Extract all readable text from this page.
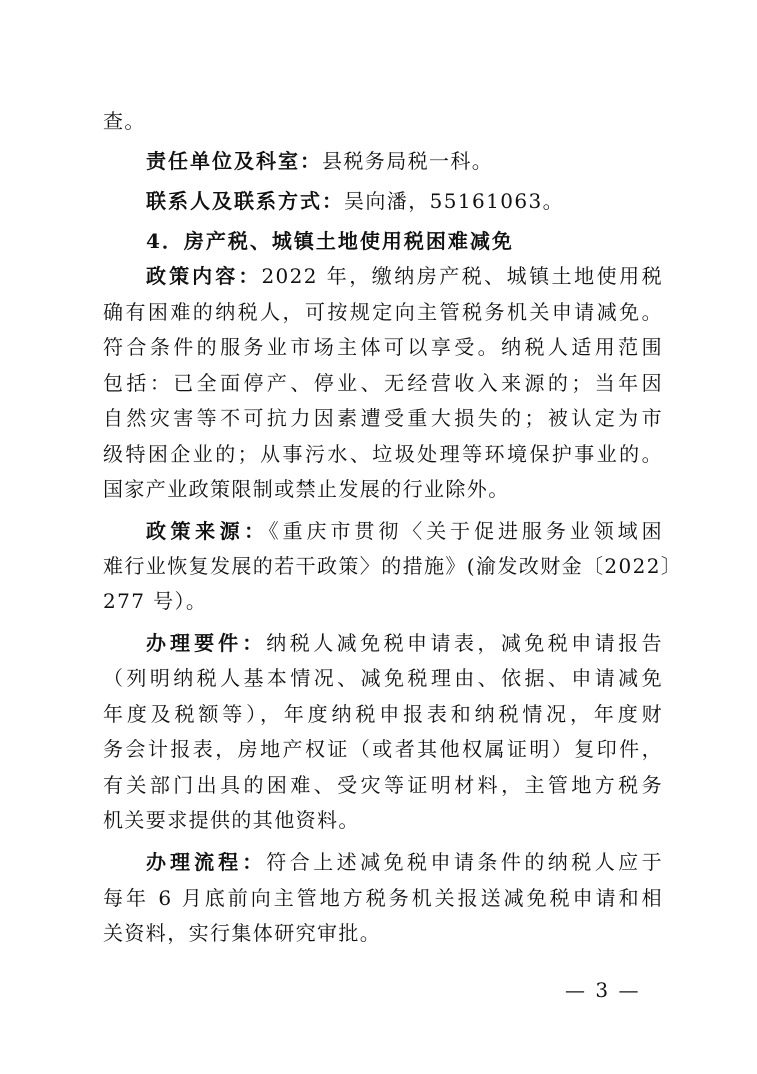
查。
责任单位及科室：县税务局税一科。
联系人及联系方式：吴向潘，55161063。
4．房产税、城镇土地使用税困难减免
政策内容：2022 年，缴纳房产税、城镇土地使用税
确有困难的纳税人，可按规定向主管税务机关申请减免。
符合条件的服务业市场主体可以享受。纳税人适用范围
包括：已全面停产、停业、无经营收入来源的；当年因
自然灾害等不可抗力因素遭受重大损失的；被认定为市
级特困企业的；从事污水、垃圾处理等环境保护事业的。
国家产业政策限制或禁止发展的行业除外。
政策来源：《重庆市贯彻〈关于促进服务业领域困
难行业恢复发展的若干政策〉的措施》(渝发改财金〔2022〕
277 号）。
办理要件：纳税人减免税申请表，减免税申请报告
（列明纳税人基本情况、减免税理由、依据、申请减免
年度及税额等），年度纳税申报表和纳税情况，年度财
务会计报表，房地产权证（或者其他权属证明）复印件，
有关部门出具的困难、受灾等证明材料，主管地方税务
机关要求提供的其他资料。
办理流程：符合上述减免税申请条件的纳税人应于
每年 6 月底前向主管地方税务机关报送减免税申请和相
关资料，实行集体研究审批。
— 3 —
